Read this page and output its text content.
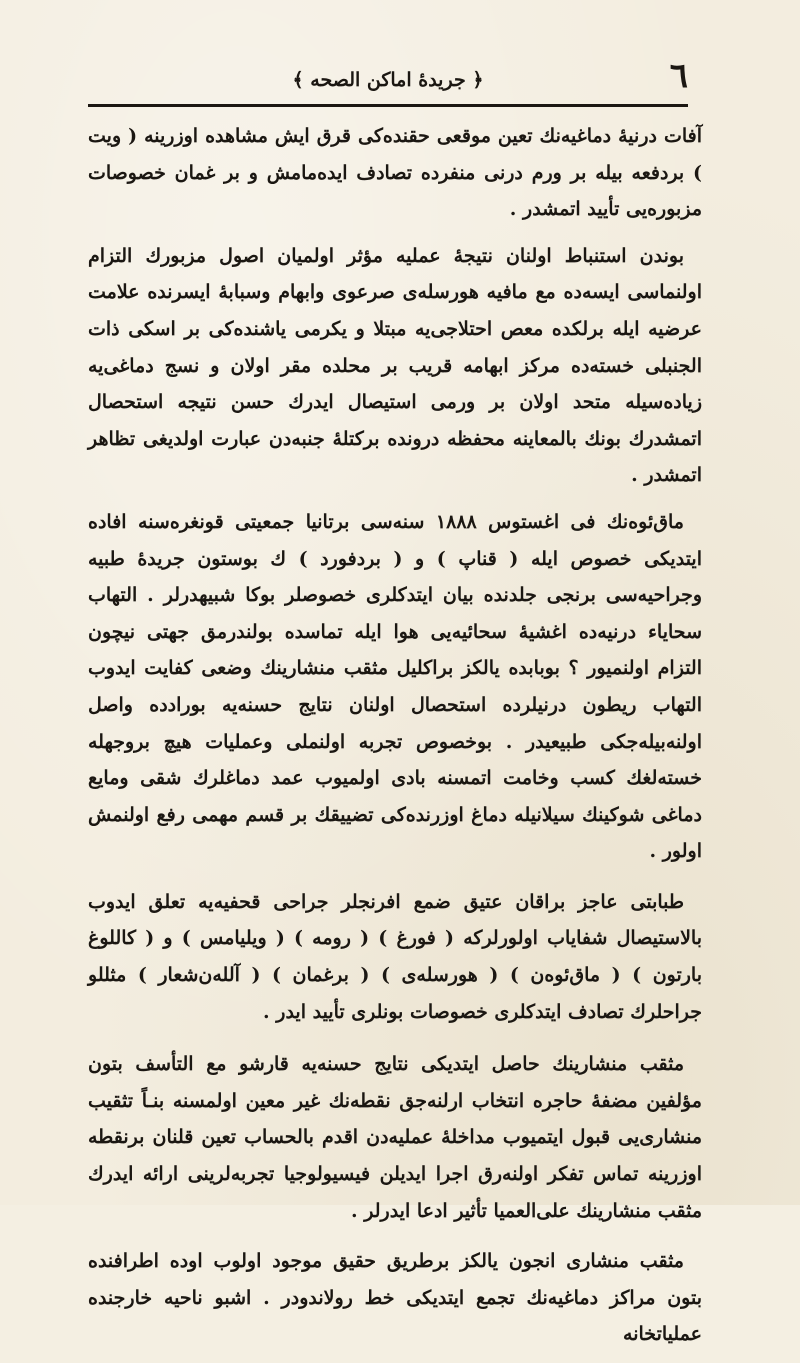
٦
﴿ جريدهٔ اماكن الصحه ﴾

آفات درنیهٔ دماغیه‌نك تعین موقعی حقنده‌كی قرق ایش مشاهده اوزرینه ( ویت ) بردفعه بیله بر ورم درنی منفرده تصادف ایده‌مامش و بر غمان خصوصات مزبوره‌یی تأیید اتمشدر .

بوندن استنباط اولنان نتیجهٔ عملیه مؤثر اولمیان اصول مزبورك التزام اولنماسی ایسه‌ده مع مافیه هورسله‌ی صرعوی وابهام وسبابهٔ ایسرنده علامت عرضیه ایله برلكده معص احتلاجی‌یه مبتلا و یكرمی یاشنده‌كی بر اسكی ذات الجنبلی خسته‌ده مركز ابهامه قریب بر محلده مقر اولان و نسج دماغی‌یه زیاده‌سیله متحد اولان بر ورمی استیصال ایدرك حسن نتیجه استحصال اتمشدرك بونك بالمعاینه محفظه درونده بركتلهٔ جنبه‌دن عبارت اولدیغی تظاهر اتمشدر .

ماق‌ئوه‌نك فی اغستوس ١٨٨٨ سنه‌سی برتانیا جمعیتی قونغره‌سنه افاده ایتدیكی خصوص ایله ( قناپ ) و ( بردفورد ) ك بوستون جریدهٔ طبیه وجراحیه‌سی برنجی جلدنده بیان ایتدكلری خصوصلر بوكا شبیهدرلر . التهاب سحایاء درنیه‌ده اغشیهٔ سحائیه‌یی هوا ایله تماسده بولندرمق جهتی نیچون التزام اولنمیور ؟ بوبابده یالكز براكلیل مثقب منشارینك وضعی كفایت ایدوب التهاب ریطون درنیلرده استحصال اولنان نتایج حسنه‌یه بورادده واصل اولنه‌بیله‌جكی طبیعیدر . بوخصوص تجربه اولنملی وعملیات هیچ بروجهله خسته‌لغك كسب وخامت اتمسنه بادی اولمیوب عمد دماغلرك شقی ومایع دماغی شوكینك سیلانیله دماغ اوزرنده‌كی تضییقك بر قسم مهمی رفع اولنمش اولور .

طبابتی عاجز براقان عتیق ضمع افرنجلر جراحی قحفیه‌یه تعلق ایدوب بالاستیصال شفایاب اولورلرکه ( فورغ ) ( رومه ) ( ویلیامس ) و ( كاللوغ بارتون ) ( ماق‌ئوه‌ن ) ( هورسله‌ی ) ( برغمان ) ( آلله‌ن‌شعار ) مثللو جراحلرك تصادف ایتدكلری خصوصات بونلری تأیید ایدر .

مثقب منشارینك حاصل ایتدیكی نتایج حسنه‌یه قارشو مع التأسف بتون مؤلفین مضفهٔ حاجره انتخاب ارلنه‌جق نقطه‌نك غیر معین اولمسنه بنـاً تثقیب منشاری‌یی قبول ایتمیوب مداخلهٔ عملیه‌دن اقدم بالحساب تعین قلنان برنقطه اوزرینه تماس تفكر اولنه‌رق اجرا ایدیلن فیسیولوجیا تجربه‌لرینی ارائه ایدرك مثقب منشارینك علی‌العمیا تأثیر ادعا ایدرلر .

مثقب منشاری انجون یالكز برطریق حقیق موجود اولوب اوده اطرافنده بتون مراكز دماغیه‌نك تجمع ایتدیكی خط رولاندودر . اشبو ناحیه خارجنده عملیاتخانه
